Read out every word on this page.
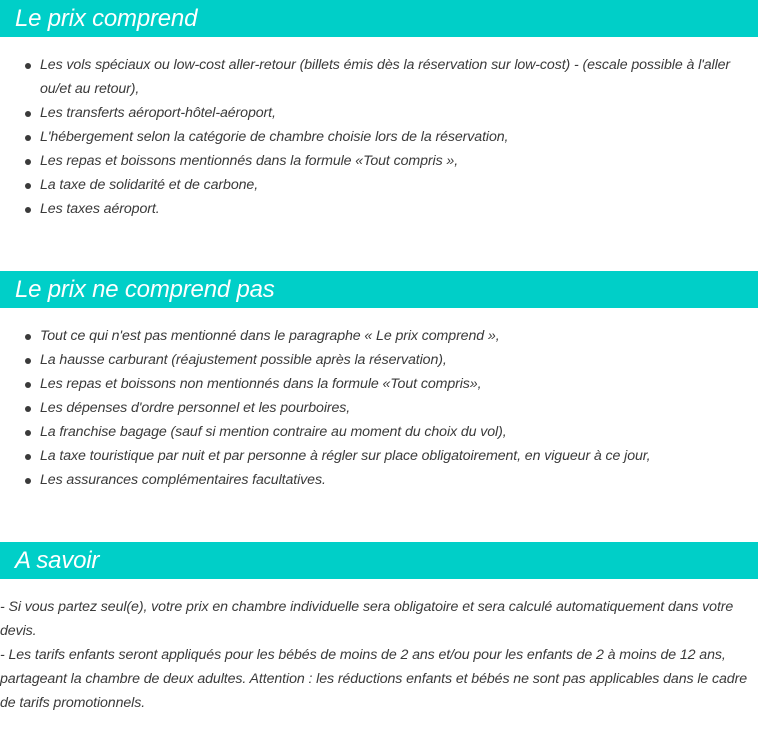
Le prix comprend
Les vols spéciaux ou low-cost aller-retour (billets émis dès la réservation sur low-cost) - (escale possible à l'aller ou/et au retour),
Les transferts aéroport-hôtel-aéroport,
L'hébergement selon la catégorie de chambre choisie lors de la réservation,
Les repas et boissons mentionnés dans la formule «Tout compris »,
La taxe de solidarité et de carbone,
Les taxes aéroport.
Le prix ne comprend pas
Tout ce qui n'est pas mentionné dans le paragraphe « Le prix comprend »,
La hausse carburant (réajustement possible après la réservation),
Les repas et boissons non mentionnés dans la formule «Tout compris»,
Les dépenses d'ordre personnel et les pourboires,
La franchise bagage (sauf si mention contraire au moment du choix du vol),
La taxe touristique par nuit et par personne à régler sur place obligatoirement, en vigueur à ce jour,
Les assurances complémentaires facultatives.
A savoir

- Si vous partez seul(e), votre prix en chambre individuelle sera obligatoire et sera calculé automatiquement dans votre devis.

- Les tarifs enfants seront appliqués pour les bébés de moins de 2 ans et/ou pour les enfants de 2 à moins de 12 ans, partageant la chambre de deux adultes. Attention : les réductions enfants et bébés ne sont pas applicables dans le cadre de tarifs promotionnels.
